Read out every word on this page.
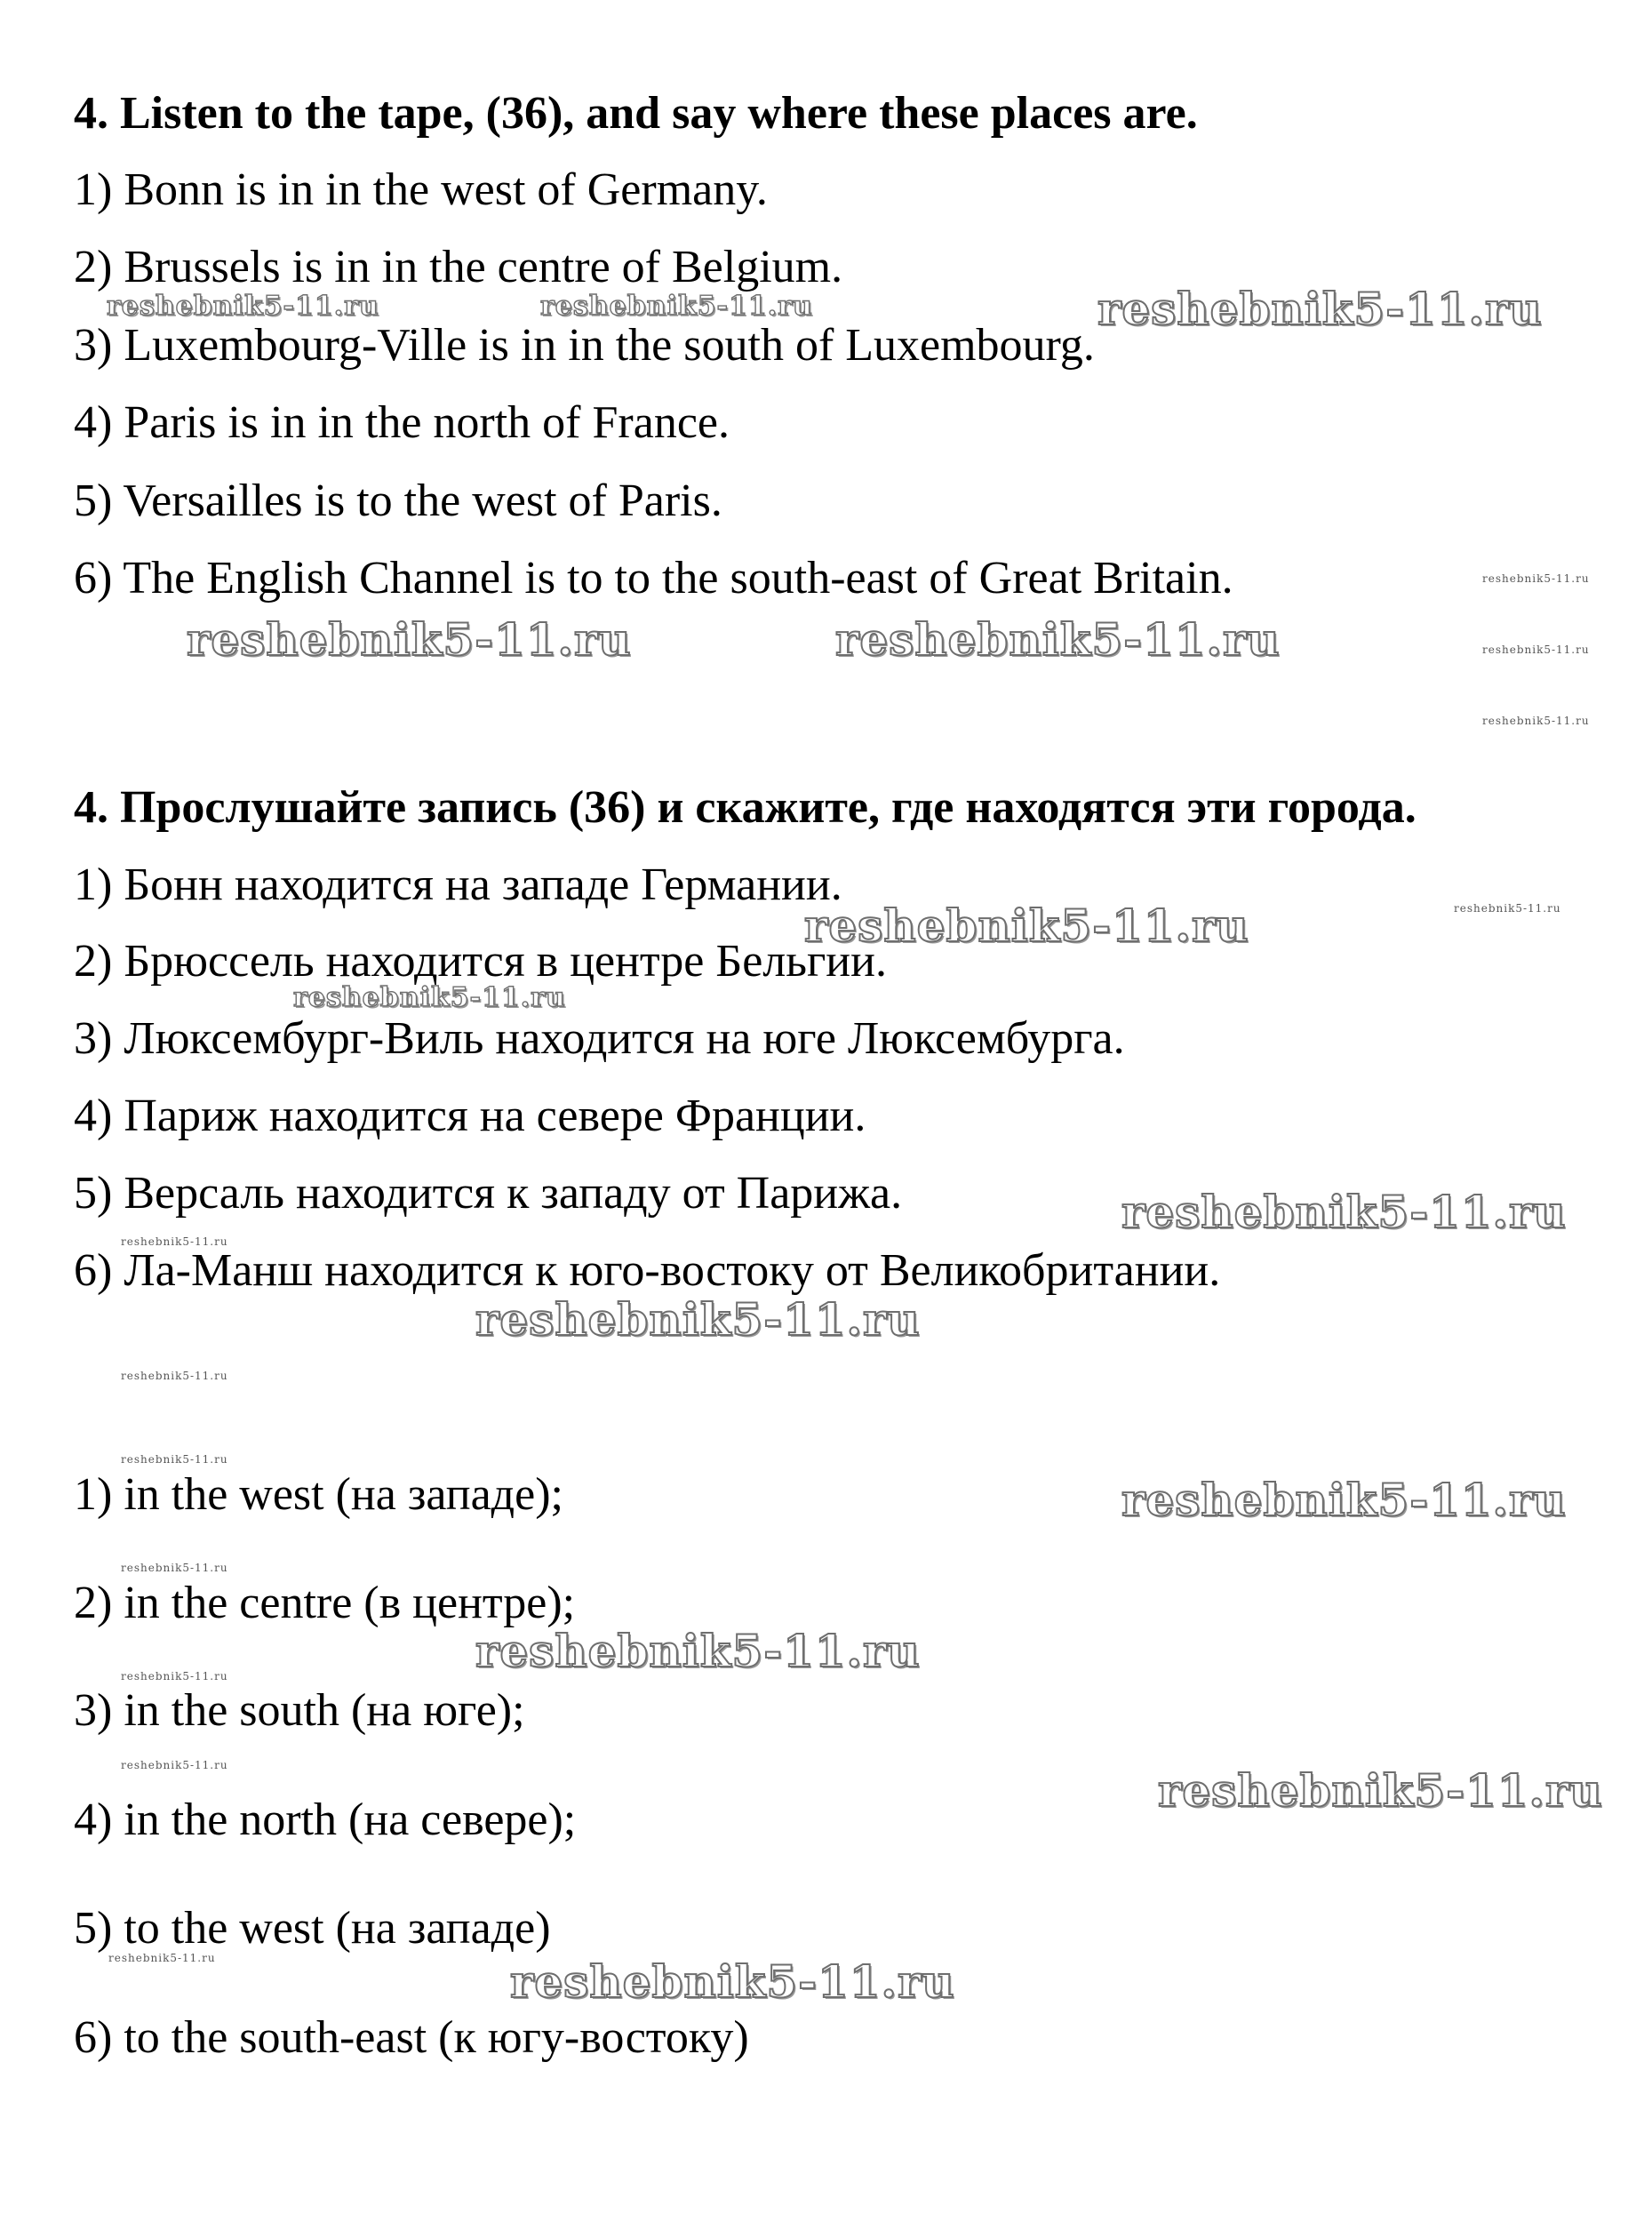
4. Listen to the tape, (36), and say where these places are.
1) Bonn is in in the west of Germany.
2) Brussels is in in the centre of Belgium.
3) Luxembourg-Ville is in in the south of Luxembourg.
4) Paris is in in the north of France.
5) Versailles is to the west of Paris.
6) The English Channel is to to the south-east of Great Britain.
4. Прослушайте запись (36) и скажите, где находятся эти города.
1) Бонн находится на западе Германии.
2) Брюссель находится в центре Бельгии.
3) Люксембург-Виль находится на юге Люксембурга.
4) Париж находится на севере Франции.
5) Версаль находится к западу от Парижа.
6) Ла-Манш находится к юго-востоку от Великобритании.
1) in the west (на западе);
2) in the centre (в центре);
3) in the south (на юге);
4) in the north (на севере);
5) to the west (на западе)
6) to the south-east (к югу-востоку)
reshebnik5-11.ru	reshebnik5-11.ru	reshebnik5-11.ru
reshebnik5-11.ru
reshebnik5-11.ru	reshebnik5-11.ru	reshebnik5-11.ru
reshebnik5-11.ru
reshebnik5-11.ru
reshebnik5-11.ru
reshebnik5-11.ru
reshebnik5-11.ru
reshebnik5-11.ru
reshebnik5-11.ru
reshebnik5-11.ru
reshebnik5-11.ru
reshebnik5-11.ru
reshebnik5-11.ru
reshebnik5-11.ru
reshebnik5-11.ru
reshebnik5-11.ru	reshebnik5-11.ru
reshebnik5-11.ru	reshebnik5-11.ru
